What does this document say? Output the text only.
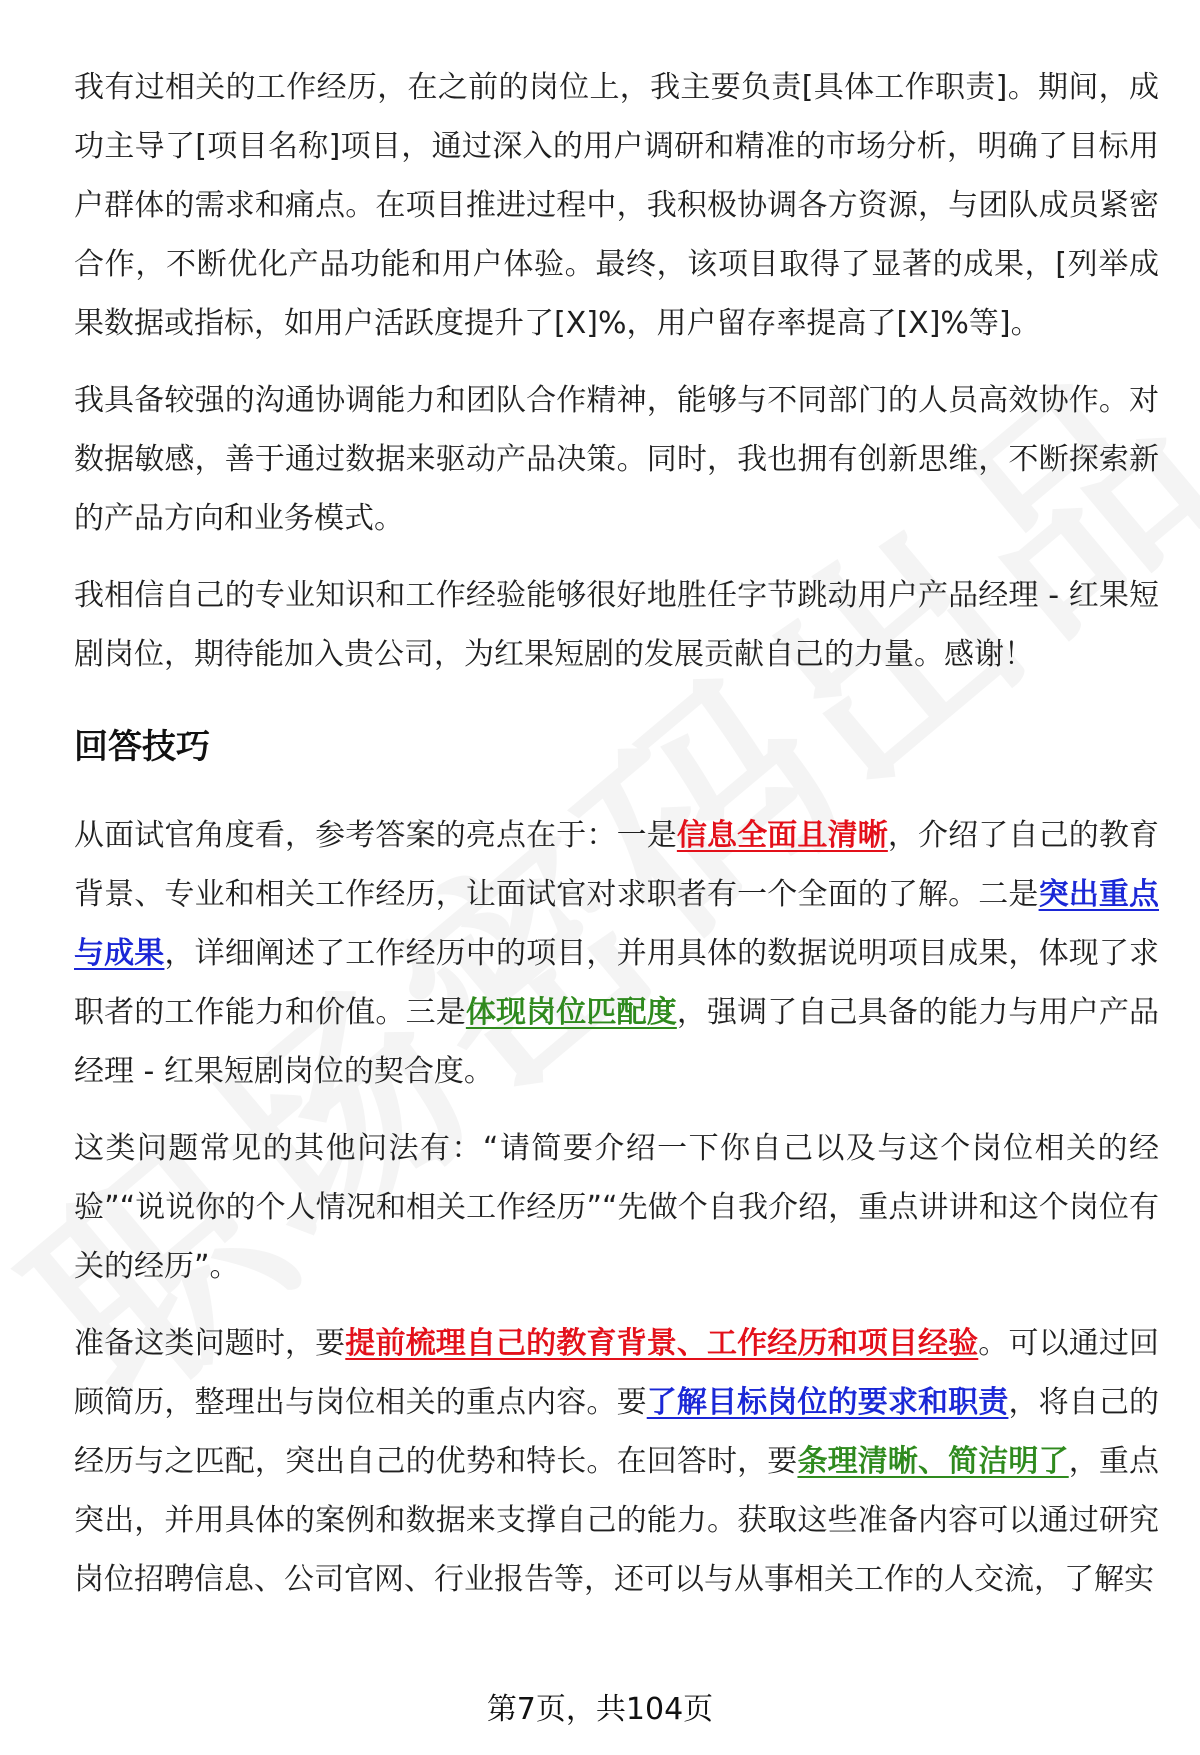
我有过相关的工作经历，在之前的岗位上，我主要负责[具体工作职责]。期间，成功主导了[项目名称]项目，通过深入的用户调研和精准的市场分析，明确了目标用户群体的需求和痛点。在项目推进过程中，我积极协调各方资源，与团队成员紧密合作，不断优化产品功能和用户体验。最终，该项目取得了显著的成果，[列举成果数据或指标，如用户活跃度提升了[X]%，用户留存率提高了[X]%等]。

我具备较强的沟通协调能力和团队合作精神，能够与不同部门的人员高效协作。对数据敏感，善于通过数据来驱动产品决策。同时，我也拥有创新思维，不断探索新的产品方向和业务模式。

我相信自己的专业知识和工作经验能够很好地胜任字节跳动用户产品经理 - 红果短剧岗位，期待能加入贵公司，为红果短剧的发展贡献自己的力量。感谢！

回答技巧

从面试官角度看，参考答案的亮点在于：一是信息全面且清晰，介绍了自己的教育背景、专业和相关工作经历，让面试官对求职者有一个全面的了解。二是突出重点与成果，详细阐述了工作经历中的项目，并用具体的数据说明项目成果，体现了求职者的工作能力和价值。三是体现岗位匹配度，强调了自己具备的能力与用户产品经理 - 红果短剧岗位的契合度。

这类问题常见的其他问法有：“请简要介绍一下你自己以及与这个岗位相关的经验”“说说你的个人情况和相关工作经历”“先做个自我介绍，重点讲讲和这个岗位有关的经历”。

准备这类问题时，要提前梳理自己的教育背景、工作经历和项目经验。可以通过回顾简历，整理出与岗位相关的重点内容。要了解目标岗位的要求和职责，将自己的经历与之匹配，突出自己的优势和特长。在回答时，要条理清晰、简洁明了，重点突出，并用具体的案例和数据来支撑自己的能力。获取这些准备内容可以通过研究岗位招聘信息、公司官网、行业报告等，还可以与从事相关工作的人交流，了解实

第7页，共104页
